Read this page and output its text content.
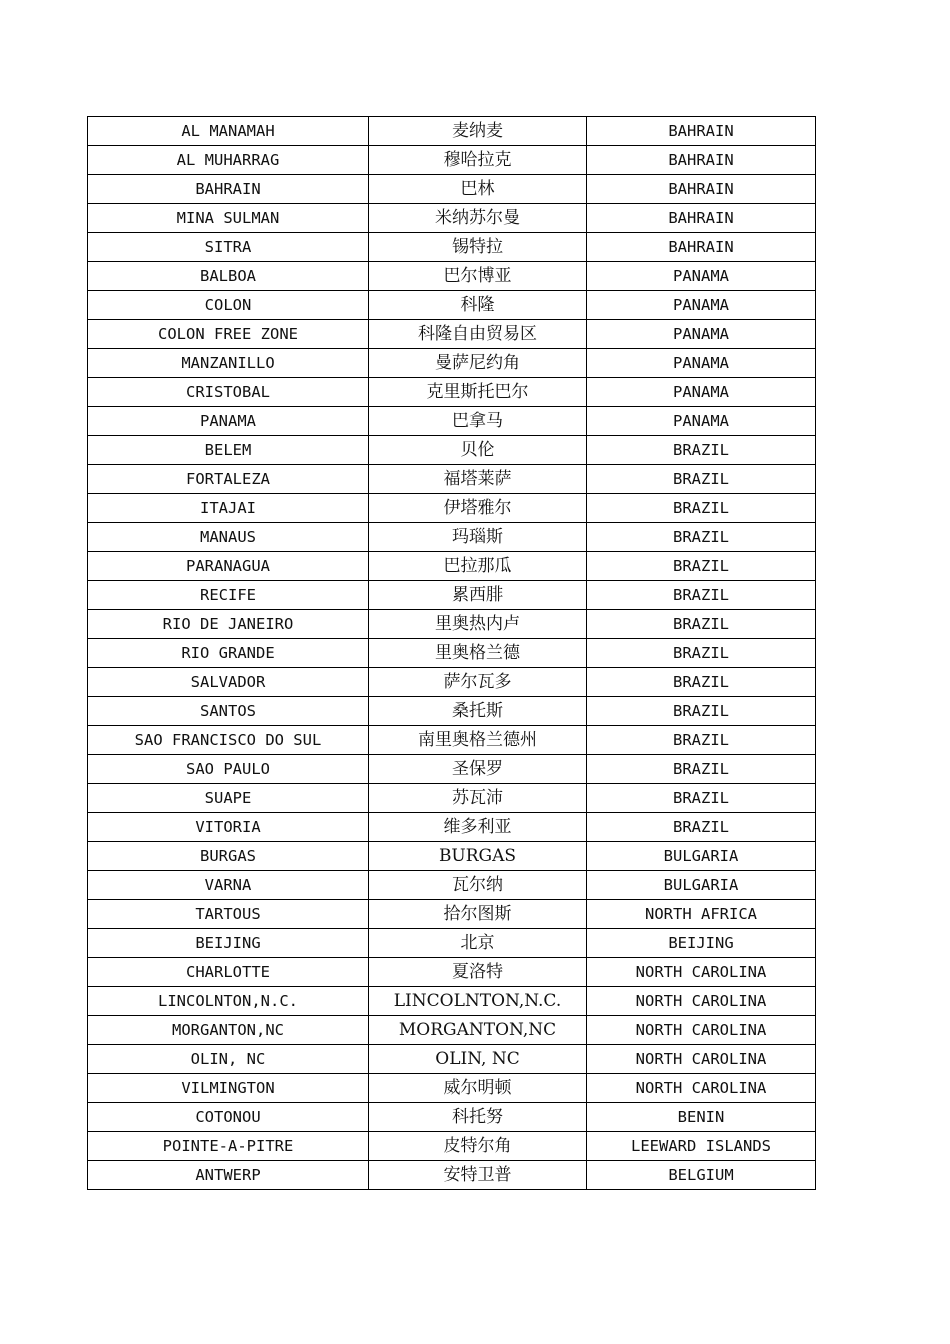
AL MANAMAH	麦纳麦	BAHRAIN
AL MUHARRAG	穆哈拉克	BAHRAIN
BAHRAIN	巴林	BAHRAIN
MINA SULMAN	米纳苏尔曼	BAHRAIN
SITRA	锡特拉	BAHRAIN
BALBOA	巴尔博亚	PANAMA
COLON	科隆	PANAMA
COLON FREE ZONE	科隆自由贸易区	PANAMA
MANZANILLO	曼萨尼约角	PANAMA
CRISTOBAL	克里斯托巴尔	PANAMA
PANAMA	巴拿马	PANAMA
BELEM	贝伦	BRAZIL
FORTALEZA	福塔莱萨	BRAZIL
ITAJAI	伊塔雅尔	BRAZIL
MANAUS	玛瑙斯	BRAZIL
PARANAGUA	巴拉那瓜	BRAZIL
RECIFE	累西腓	BRAZIL
RIO DE JANEIRO	里奥热内卢	BRAZIL
RIO GRANDE	里奥格兰德	BRAZIL
SALVADOR	萨尔瓦多	BRAZIL
SANTOS	桑托斯	BRAZIL
SAO FRANCISCO DO SUL	南里奥格兰德州	BRAZIL
SAO PAULO	圣保罗	BRAZIL
SUAPE	苏瓦沛	BRAZIL
VITORIA	维多利亚	BRAZIL
BURGAS	BURGAS	BULGARIA
VARNA	瓦尔纳	BULGARIA
TARTOUS	拾尔图斯	NORTH AFRICA
BEIJING	北京	BEIJING
CHARLOTTE	夏洛特	NORTH CAROLINA
LINCOLNTON,N.C.	LINCOLNTON,N.C.	NORTH CAROLINA
MORGANTON,NC	MORGANTON,NC	NORTH CAROLINA
OLIN, NC	OLIN, NC	NORTH CAROLINA
VILMINGTON	威尔明顿	NORTH CAROLINA
COTONOU	科托努	BENIN
POINTE-A-PITRE	皮特尔角	LEEWARD ISLANDS
ANTWERP	安特卫普	BELGIUM
